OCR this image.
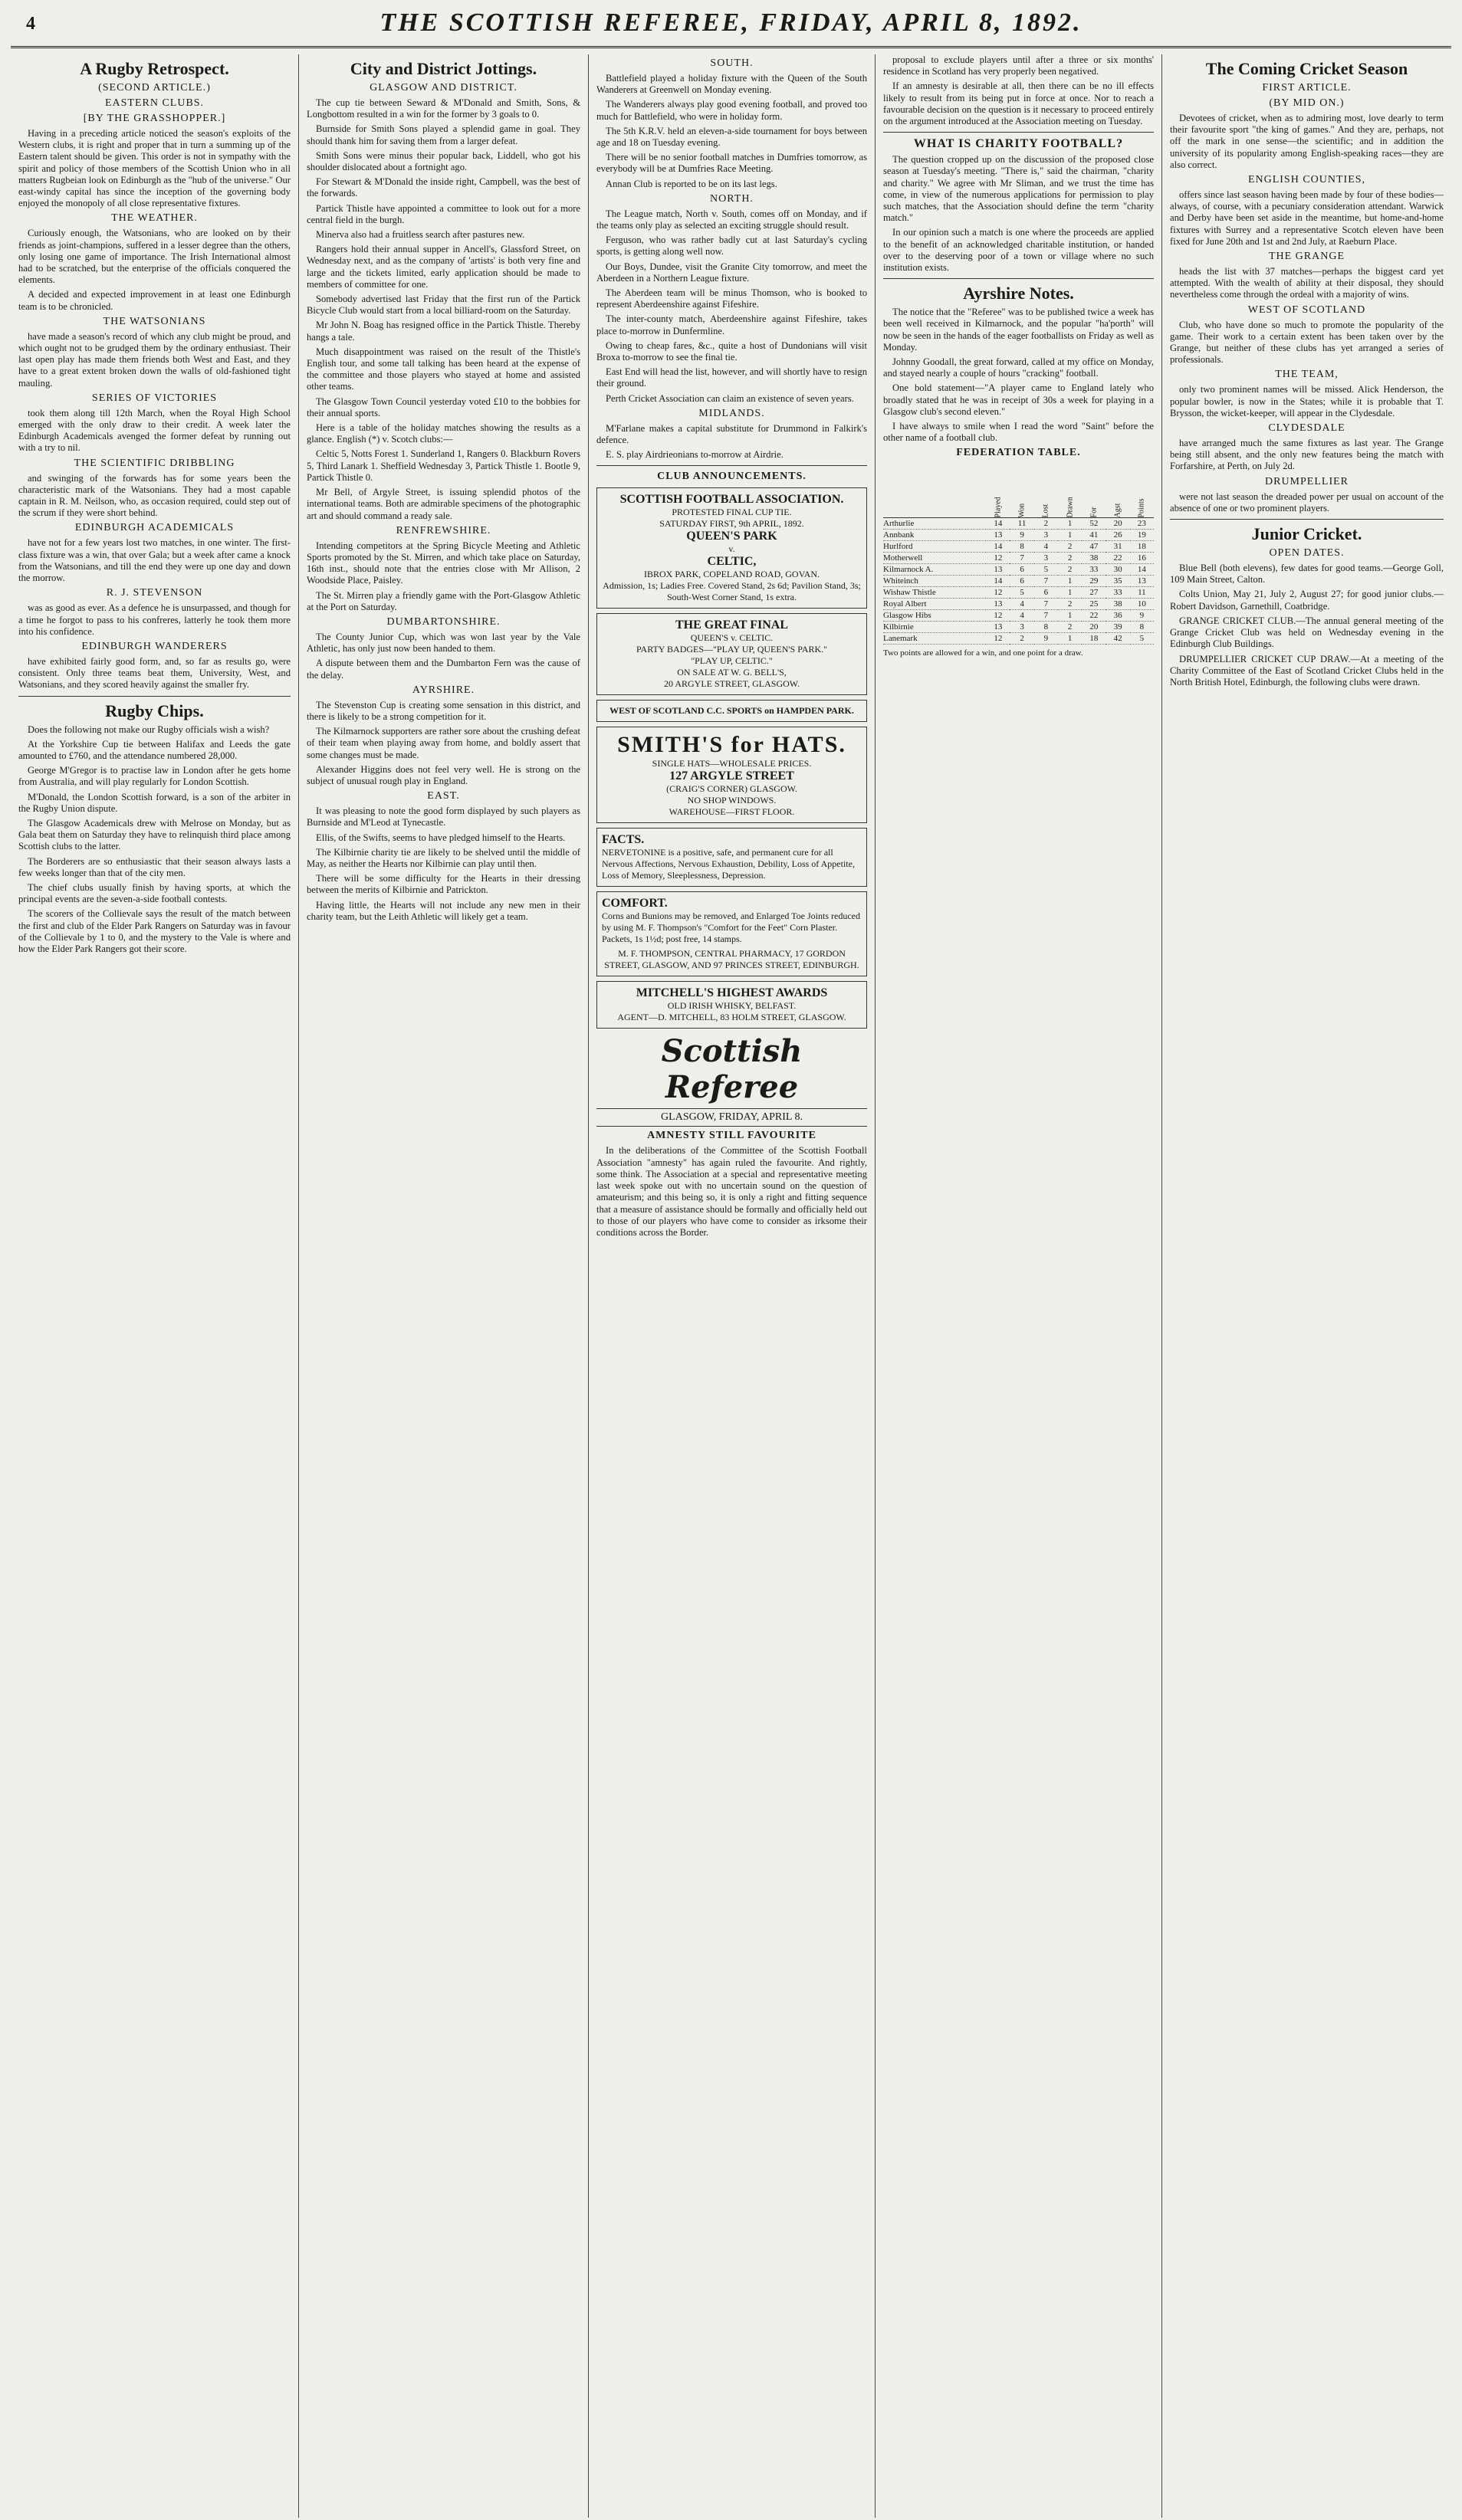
4	THE SCOTTISH REFEREE, FRIDAY, APRIL 8, 1892.
A Rugby Retrospect.
(SECOND ARTICLE.)
EASTERN CLUBS.
[BY THE GRASSHOPPER.]

Having in a preceding article noticed the season's exploits of the Western clubs, it is right and proper that in turn a summing up of the Eastern talent should be given. This order is not in sympathy with the spirit and policy of those members of the Scottish Union who in all matters Rugbeian look on Edinburgh as the "hub of the universe." Our east-windy capital has since the inception of the governing body enjoyed the monopoly of all close representative fixtures.

THE WEATHER.

Curiously enough, the Watsonians, who are looked on by their friends as joint-champions, suffered in a lesser degree than the others, only losing one game of importance. The Irish International almost had to be scratched, but the enterprise of the officials conquered the elements.

A decided and expected improvement in at least one Edinburgh team is to be chronicled.

THE WATSONIANS

have made a season's record of which any club might be proud, and which ought not to be grudged them by the ordinary enthusiast. Their last open play has made them friends both West and East, and they have to a great extent broken down the walls of old-fashioned tight mauling.

SERIES OF VICTORIES

took them along till 12th March, when the Royal High School emerged with the only draw to their credit. A week later the Edinburgh Academicals avenged the former defeat by running out with a try to nil.

THE SCIENTIFIC DRIBBLING

and swinging of the forwards has for some years been the characteristic mark of the Watsonians. They had a most capable captain in R. M. Neilson, who, as occasion required, could step out of the scrum if they were short behind.

EDINBURGH ACADEMICALS

have not for a few years lost two matches, in one winter. The first-class fixture was a win, that over Gala; but a week after came a knock from the Watsonians, and till the end they were up one day and down the morrow.

R. J. STEVENSON

was as good as ever. As a defence he is unsurpassed, and though for a time he forgot to pass to his confreres, latterly he took them more into his confidence.

EDINBURGH WANDERERS

have exhibited fairly good form, and, so far as results go, were consistent. Only three teams beat them, University, West, and Watsonians, and they scored heavily against the smaller fry.

Rugby Chips.

Does the following not make our Rugby officials wish a wish?

At the Yorkshire Cup tie between Halifax and Leeds the gate amounted to £760, and the attendance numbered 28,000.

George M'Gregor is to practise law in London after he gets home from Australia, and will play regularly for London Scottish.

M'Donald, the London Scottish forward, is a son of the arbiter in the Rugby Union dispute.

The Glasgow Academicals drew with Melrose on Monday, but as Gala beat them on Saturday they have to relinquish third place among Scottish clubs to the latter.

The Borderers are so enthusiastic that their season always lasts a few weeks longer than that of the city men.

The chief clubs usually finish by having sports, at which the principal events are the seven-a-side football contests.

The scorers of the Collievale says the result of the match between the first and club of the Elder Park Rangers on Saturday was in favour of the Collievale by 1 to 0, and the mystery to the Vale is where and how the Elder Park Rangers got their score.

City and District Jottings.
GLASGOW AND DISTRICT.

The cup tie between Seward & M'Donald and Smith, Sons, & Longbottom resulted in a win for the former by 3 goals to 0.

Burnside for Smith Sons played a splendid game in goal. They should thank him for saving them from a larger defeat.

Smith Sons were minus their popular back, Liddell, who got his shoulder dislocated about a fortnight ago.

For Stewart & M'Donald the inside right, Campbell, was the best of the forwards.

Partick Thistle have appointed a committee to look out for a more central field in the burgh.

Minerva also had a fruitless search after pastures new.

Rangers hold their annual supper in Ancell's, Glassford Street, on Wednesday next, and as the company of 'artists' is both very fine and large and the tickets limited, early application should be made to members of committee for one.

Somebody advertised last Friday that the first run of the Partick Bicycle Club would start from a local billiard-room on the Saturday.

Mr John N. Boag has resigned office in the Partick Thistle. Thereby hangs a tale.

Much disappointment was raised on the result of the Thistle's English tour, and some tall talking has been heard at the expense of the committee and those players who stayed at home and assisted other teams.

The Glasgow Town Council yesterday voted £10 to the bobbies for their annual sports.

Here is a table of the holiday matches showing the results as a glance. English (*) v. Scotch clubs:—

Celtic 5, Notts Forest 1. Sunderland 1, Rangers 0. Blackburn Rovers 5, Third Lanark 1. Sheffield Wednesday 3, Partick Thistle 1. Bootle 9, Partick Thistle 0.

Mr Bell, of Argyle Street, is issuing splendid photos of the international teams. Both are admirable specimens of the photographic art and should command a ready sale.

RENFREWSHIRE.

Intending competitors at the Spring Bicycle Meeting and Athletic Sports promoted by the St. Mirren, and which take place on Saturday, 16th inst., should note that the entries close with Mr Allison, 2 Woodside Place, Paisley.

The St. Mirren play a friendly game with the Port-Glasgow Athletic at the Port on Saturday.

DUMBARTONSHIRE.

The County Junior Cup, which was won last year by the Vale Athletic, has only just now been handed to them.

A dispute between them and the Dumbarton Fern was the cause of the delay.

AYRSHIRE.

The Stevenston Cup is creating some sensation in this district, and there is likely to be a strong competition for it.

The Kilmarnock supporters are rather sore about the crushing defeat of their team when playing away from home, and boldly assert that some changes must be made.

Alexander Higgins does not feel very well. He is strong on the subject of unusual rough play in England.

EAST.

It was pleasing to note the good form displayed by such players as Burnside and M'Leod at Tynecastle.

Ellis, of the Swifts, seems to have pledged himself to the Hearts.

The Kilbirnie charity tie are likely to be shelved until the middle of May, as neither the Hearts nor Kilbirnie can play until then.

There will be some difficulty for the Hearts in their dressing between the merits of Kilbirnie and Patrickton.

Having little, the Hearts will not include any new men in their charity team, but the Leith Athletic will likely get a team.

SOUTH.

Battlefield played a holiday fixture with the Queen of the South Wanderers at Greenwell on Monday evening.

The Wanderers always play good evening football, and proved too much for Battlefield, who were in holiday form.

The 5th K.R.V. held an eleven-a-side tournament for boys between age and 18 on Tuesday evening.

There will be no senior football matches in Dumfries tomorrow, as everybody will be at Dumfries Race Meeting.

Annan Club is reported to be on its last legs.

NORTH.

The League match, North v. South, comes off on Monday, and if the teams only play as selected an exciting struggle should result.

Ferguson, who was rather badly cut at last Saturday's cycling sports, is getting along well now.

Our Boys, Dundee, visit the Granite City tomorrow, and meet the Aberdeen in a Northern League fixture.

The Aberdeen team will be minus Thomson, who is booked to represent Aberdeenshire against Fifeshire.

The inter-county match, Aberdeenshire against Fifeshire, takes place to-morrow in Dunfermline.

Owing to cheap fares, &c., quite a host of Dundonians will visit Broxa to-morrow to see the final tie.

East End will head the list, however, and will shortly have to resign their ground.

Perth Cricket Association can claim an existence of seven years.

MIDLANDS.

M'Farlane makes a capital substitute for Drummond in Falkirk's defence.

E. S. play Airdrieonians to-morrow at Airdrie.

CLUB ANNOUNCEMENTS.
SCOTTISH FOOTBALL ASSOCIATION.
PROTESTED FINAL CUP TIE.
SATURDAY FIRST, 9th APRIL, 1892.
QUEEN'S PARK
v.
CELTIC,
IBROX PARK, COPELAND ROAD, GOVAN.
Admission, 1s; Ladies Free. Covered Stand, 2s 6d; Pavilion Stand, 3s; South-West Corner Stand, 1s extra.
THE GREAT FINAL
QUEEN'S v. CELTIC.
PARTY BADGES—"PLAY UP, QUEEN'S PARK."
"PLAY UP, CELTIC."
ON SALE AT W. G. BELL'S,
20 ARGYLE STREET, GLASGOW.
WEST OF SCOTLAND C.C. SPORTS on HAMPDEN PARK.
SMITH'S for HATS.
SINGLE HATS—WHOLESALE PRICES.
127 ARGYLE STREET
(CRAIG'S CORNER) GLASGOW.
NO SHOP WINDOWS.
WAREHOUSE—FIRST FLOOR.
FACTS.
NERVETONINE is a positive, safe, and permanent cure for all Nervous Affections, Nervous Exhaustion, Debility, Loss of Appetite, Loss of Memory, Sleeplessness, Depression.
COMFORT.
Corns and Bunions may be removed, and Enlarged Toe Joints reduced by using M. F. Thompson's "Comfort for the Feet" Corn Plaster. Packets, 1s 1½d; post free, 14 stamps.
M. F. THOMPSON, CENTRAL PHARMACY, 17 GORDON STREET, GLASGOW, AND 97 PRINCES STREET, EDINBURGH.
MITCHELL'S HIGHEST AWARDS
OLD IRISH WHISKY, BELFAST.
AGENT—D. MITCHELL, 83 HOLM STREET, GLASGOW.
Scottish Referee
GLASGOW, FRIDAY, APRIL 8.
AMNESTY STILL FAVOURITE

In the deliberations of the Committee of the Scottish Football Association "amnesty" has again ruled the favourite. And rightly, some think. The Association at a special and representative meeting last week spoke out with no uncertain sound on the question of amateurism; and this being so, it is only a right and fitting sequence that a measure of assistance should be formally and officially held out to those of our players who have come to consider as irksome their conditions across the Border.

proposal to exclude players until after a three or six months' residence in Scotland has very properly been negatived.

If an amnesty is desirable at all, then there can be no ill effects likely to result from its being put in force at once. Nor to reach a favourable decision on the question is it necessary to proceed entirely on the argument introduced at the Association meeting on Tuesday.

WHAT IS CHARITY FOOTBALL?

The question cropped up on the discussion of the proposed close season at Tuesday's meeting. "There is," said the chairman, "charity and charity." We agree with Mr Sliman, and we trust the time has come, in view of the numerous applications for permission to play such matches, that the Association should define the term "charity match."

In our opinion such a match is one where the proceeds are applied to the benefit of an acknowledged charitable institution, or handed over to the deserving poor of a town or village where no such institution exists.

Ayrshire Notes.

The notice that the "Referee" was to be published twice a week has been well received in Kilmarnock, and the popular "ha'porth" will now be seen in the hands of the eager footballists on Friday as well as Monday.

Johnny Goodall, the great forward, called at my office on Monday, and stayed nearly a couple of hours "cracking" football.

One bold statement—"A player came to England lately who broadly stated that he was in receipt of 30s a week for playing in a Glasgow club's second eleven."

I have always to smile when I read the word "Saint" before the other name of a football club.

FEDERATION TABLE.
	Played	Won	Lost	Drawn	For	Agst	Points
Arthurlie	14	11	2	1	52	20	23
Annbank	13	9	3	1	41	26	19
Hurlford	14	8	4	2	47	31	18
Motherwell	12	7	3	2	38	22	16
Kilmarnock A.	13	6	5	2	33	30	14
Whiteinch	14	6	7	1	29	35	13
Wishaw Thistle	12	5	6	1	27	33	11
Royal Albert	13	4	7	2	25	38	10
Glasgow Hibs	12	4	7	1	22	36	9
Kilbirnie	13	3	8	2	20	39	8
Lanemark	12	2	9	1	18	42	5

Two points are allowed for a win, and one point for a draw.

The Coming Cricket Season
FIRST ARTICLE.
(BY MID ON.)

Devotees of cricket, when as to admiring most, love dearly to term their favourite sport "the king of games." And they are, perhaps, not off the mark in one sense—the scientific; and in addition the university of its popularity among English-speaking races—they are also correct.

ENGLISH COUNTIES,

offers since last season having been made by four of these bodies—always, of course, with a pecuniary consideration attendant. Warwick and Derby have been set aside in the meantime, but home-and-home fixtures with Surrey and a representative Scotch eleven have been fixed for June 20th and 1st and 2nd July, at Raeburn Place.

THE GRANGE

heads the list with 37 matches—perhaps the biggest card yet attempted. With the wealth of ability at their disposal, they should nevertheless come through the ordeal with a majority of wins.

WEST OF SCOTLAND

Club, who have done so much to promote the popularity of the game. Their work to a certain extent has been taken over by the Grange, but neither of these clubs has yet arranged a series of professionals.

THE TEAM,

only two prominent names will be missed. Alick Henderson, the popular bowler, is now in the States; while it is probable that T. Brysson, the wicket-keeper, will appear in the Clydesdale.

CLYDESDALE

have arranged much the same fixtures as last year. The Grange being still absent, and the only new features being the match with Forfarshire, at Perth, on July 2d.

DRUMPELLIER

were not last season the dreaded power per usual on account of the absence of one or two prominent players.

Junior Cricket.
OPEN DATES.

Blue Bell (both elevens), few dates for good teams.—George Goll, 109 Main Street, Calton.

Colts Union, May 21, July 2, August 27; for good junior clubs.—Robert Davidson, Garnethill, Coatbridge.

GRANGE CRICKET CLUB.—The annual general meeting of the Grange Cricket Club was held on Wednesday evening in the Edinburgh Club Buildings.

DRUMPELLIER CRICKET CUP DRAW.—At a meeting of the Charity Committee of the East of Scotland Cricket Clubs held in the North British Hotel, Edinburgh, the following clubs were drawn.
